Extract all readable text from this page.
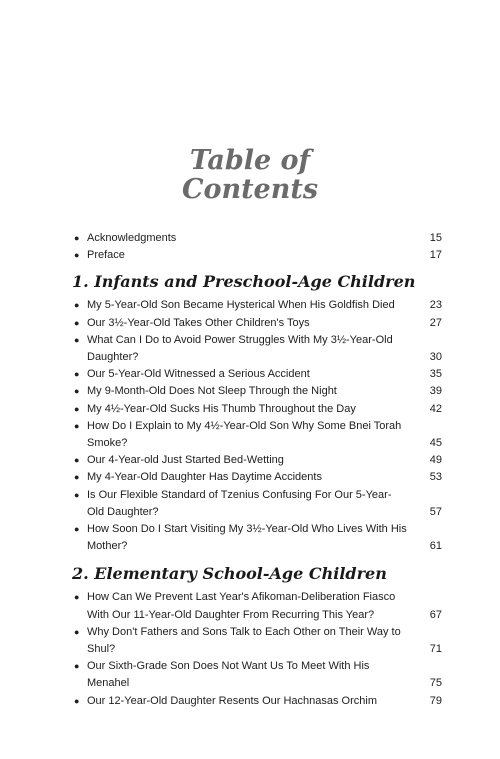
Table of
Contents
● Acknowledgments	15
● Preface	17
1. Infants and Preschool-Age Children
● My 5-Year-Old Son Became Hysterical When His Goldfish Died	23
● Our 3½-Year-Old Takes Other Children's Toys	27
● What Can I Do to Avoid Power Struggles With My 3½-Year-Old Daughter?	30
● Our 5-Year-Old Witnessed a Serious Accident	35
● My 9-Month-Old Does Not Sleep Through the Night	39
● My 4½-Year-Old Sucks His Thumb Throughout the Day	42
● How Do I Explain to My 4½-Year-Old Son Why Some Bnei Torah Smoke?	45
● Our 4-Year-old Just Started Bed-Wetting	49
● My 4-Year-Old Daughter Has Daytime Accidents	53
● Is Our Flexible Standard of Tzenius Confusing For Our 5-Year-Old Daughter?	57
● How Soon Do I Start Visiting My 3½-Year-Old Who Lives With His Mother?	61
2. Elementary School-Age Children
● How Can We Prevent Last Year's Afikoman-Deliberation Fiasco With Our 11-Year-Old Daughter From Recurring This Year?	67
● Why Don't Fathers and Sons Talk to Each Other on Their Way to Shul?	71
● Our Sixth-Grade Son Does Not Want Us To Meet With His Menahel	75
● Our 12-Year-Old Daughter Resents Our Hachnasas Orchim	79
